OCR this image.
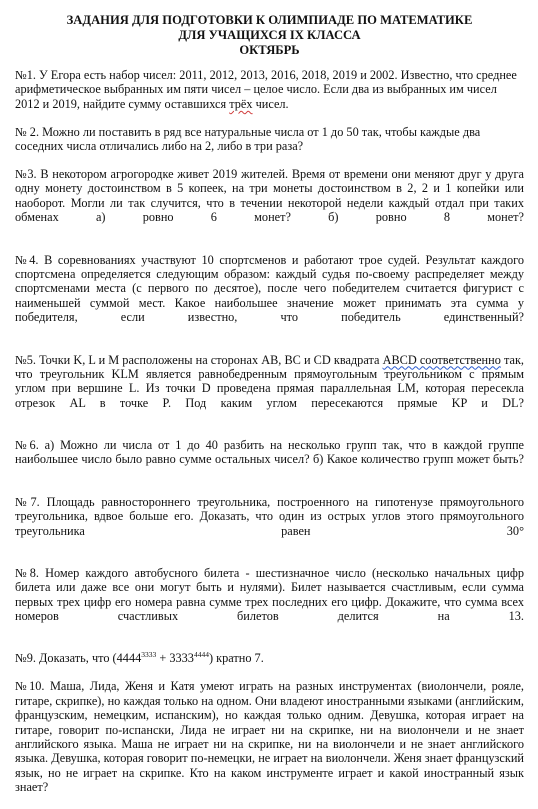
ЗАДАНИЯ ДЛЯ ПОДГОТОВКИ К ОЛИМПИАДЕ ПО МАТЕМАТИКЕ
ДЛЯ УЧАЩИХСЯ IX КЛАССА
ОКТЯБРЬ
№1. У Егора есть набор чисел: 2011, 2012, 2013, 2016, 2018, 2019 и 2002. Известно, что среднее арифметическое выбранных им пяти чисел – целое число. Если два из выбранных им чисел 2012 и 2019, найдите сумму оставшихся трёх чисел.
№ 2. Можно ли поставить в ряд все натуральные числа от 1 до 50 так, чтобы каждые два соседних числа отличались либо на 2, либо в три раза?
№3. В некотором агрогородке живет 2019 жителей. Время от времени они меняют друг у друга одну монету достоинством в 5 копеек, на три монеты достоинством в 2, 2 и 1 копейки или наоборот. Могли ли так случится, что в течении некоторой недели каждый отдал при таких обменах а) ровно 6 монет? б) ровно 8 монет?
№4. В соревнованиях участвуют 10 спортсменов и работают трое судей. Результат каждого спортсмена определяется следующим образом: каждый судья по-своему распределяет между спортсменами места (с первого по десятое), после чего победителем считается фигурист с наименьшей суммой мест. Какое наибольшее значение может принимать эта сумма у победителя, если известно, что победитель единственный?
№5. Точки K, L и M расположены на сторонах AB, BC и CD квадрата ABCD соответственно так, что треугольник KLM является равнобедренным прямоугольным треугольником с прямым углом при вершине L. Из точки D проведена прямая параллельная LM, которая пересекла отрезок AL в точке P. Под каким углом пересекаются прямые KP и DL?
№6. а) Можно ли числа от 1 до 40 разбить на несколько групп так, что в каждой группе наибольшее число было равно сумме остальных чисел? б) Какое количество групп может быть?
№7. Площадь равностороннего треугольника, построенного на гипотенузе прямоугольного треугольника, вдвое больше его. Доказать, что один из острых углов этого прямоугольного треугольника равен 30°
№8. Номер каждого автобусного билета - шестизначное число (несколько начальных цифр билета или даже все они могут быть и нулями). Билет называется счастливым, если сумма первых трех цифр его номера равна сумме трех последних его цифр. Докажите, что сумма всех номеров счастливых билетов делится на 13.
№9. Доказать, что $(4444^{3333} + 3333^{4444})$ кратно 7.
№10. Маша, Лида, Женя и Катя умеют играть на разных инструментах (виолончели, рояле, гитаре, скрипке), но каждая только на одном. Они владеют иностранными языками (английским, французским, немецким, испанским), но каждая только одним. Девушка, которая играет на гитаре, говорит по-испански, Лида не играет ни на скрипке, ни на виолончели и не знает английского языка. Маша не играет ни на скрипке, ни на виолончели и не знает английского языка. Девушка, которая говорит по-немецки, не играет на виолончели. Женя знает французский язык, но не играет на скрипке. Кто на каком инструменте играет и какой иностранный язык знает?
